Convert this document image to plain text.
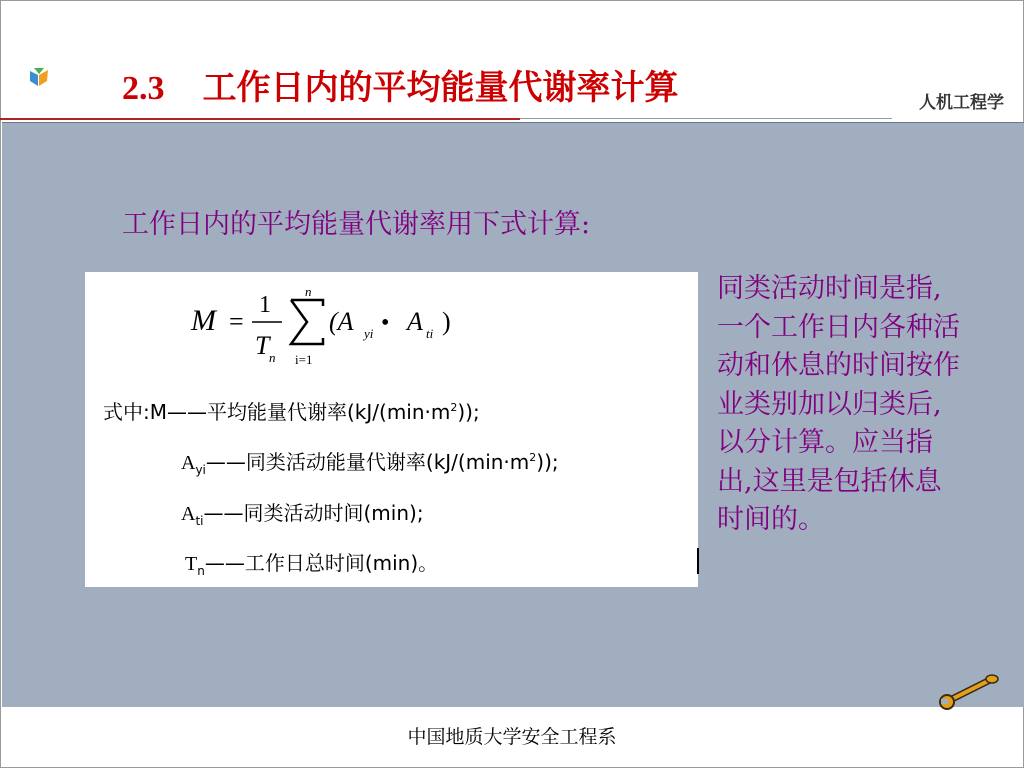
2.3 工作日内的平均能量代谢率计算	人机工程学
工作日内的平均能量代谢率用下式计算:
M =
1
T n
n
i=1
(A yi • A ti )
式中:M——平均能量代谢率$(kJ/(\min\cdot m^2))$;
$A_{yi}——$同类活动能量代谢率$(kJ/(\min\cdot m^2))$;
$A_{ti}——$同类活动时间(min);
$T_n——$工作日总时间(min)。
同类活动时间是指,一个工作日内各种活动和休息的时间按作业类别加以归类后,以分计算。应当指出,这里是包括休息时间的。
中国地质大学安全工程系
